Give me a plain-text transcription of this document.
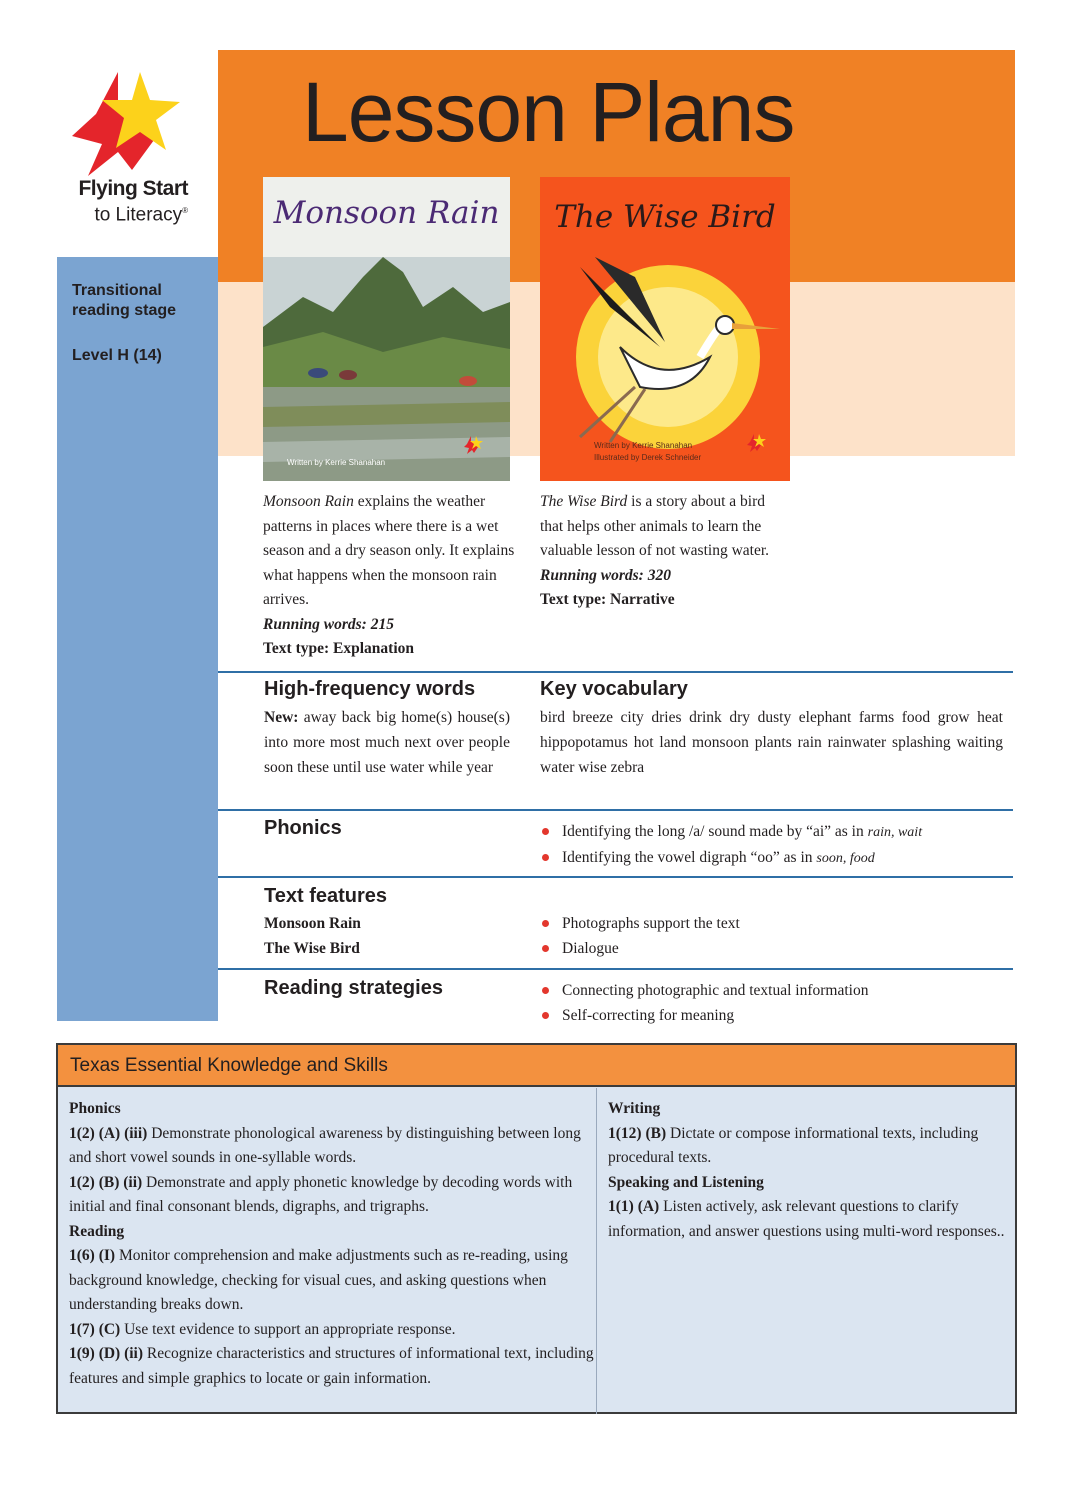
Lesson Plans
Flying Start
to Literacy®
Transitional reading stage
Level H (14)
Monsoon Rain
Written by Kerrie Shanahan
The Wise Bird
Written by Kerrie Shanahan
Illustrated by Derek Schneider
Monsoon Rain explains the weather patterns in places where there is a wet season and a dry season only. It explains what happens when the monsoon rain arrives.
Running words: 215
Text type: Explanation
The Wise Bird is a story about a bird that helps other animals to learn the valuable lesson of not wasting water.
Running words: 320
Text type: Narrative
High-frequency words
New: away back big home(s) house(s) into more most much next over people soon these until use water while year
Key vocabulary
bird breeze city dries drink dry dusty elephant farms food grow heat hippopotamus hot land monsoon plants rain rainwater splashing waiting water wise zebra
Phonics	Identifying the long /a/ sound made by “ai” as in rain, wait
Identifying the vowel digraph “oo” as in soon, food
Text features
Monsoon Rain
The Wise Bird
Photographs support the text
Dialogue
Reading strategies	Connecting photographic and textual information
Self-correcting for meaning
Texas Essential Knowledge and Skills
Phonics
1(2) (A) (iii) Demonstrate phonological awareness by distinguishing between long and short vowel sounds in one-syllable words.
1(2) (B) (ii) Demonstrate and apply phonetic knowledge by decoding words with initial and final consonant blends, digraphs, and trigraphs.
Reading
1(6) (I) Monitor comprehension and make adjustments such as re-reading, using background knowledge, checking for visual cues, and asking questions when understanding breaks down.
1(7) (C) Use text evidence to support an appropriate response.
1(9) (D) (ii) Recognize characteristics and structures of informational text, including features and simple graphics to locate or gain information.
Writing
1(12) (B) Dictate or compose informational texts, including procedural texts.
Speaking and Listening
1(1) (A) Listen actively, ask relevant questions to clarify information, and answer questions using multi-word responses..
